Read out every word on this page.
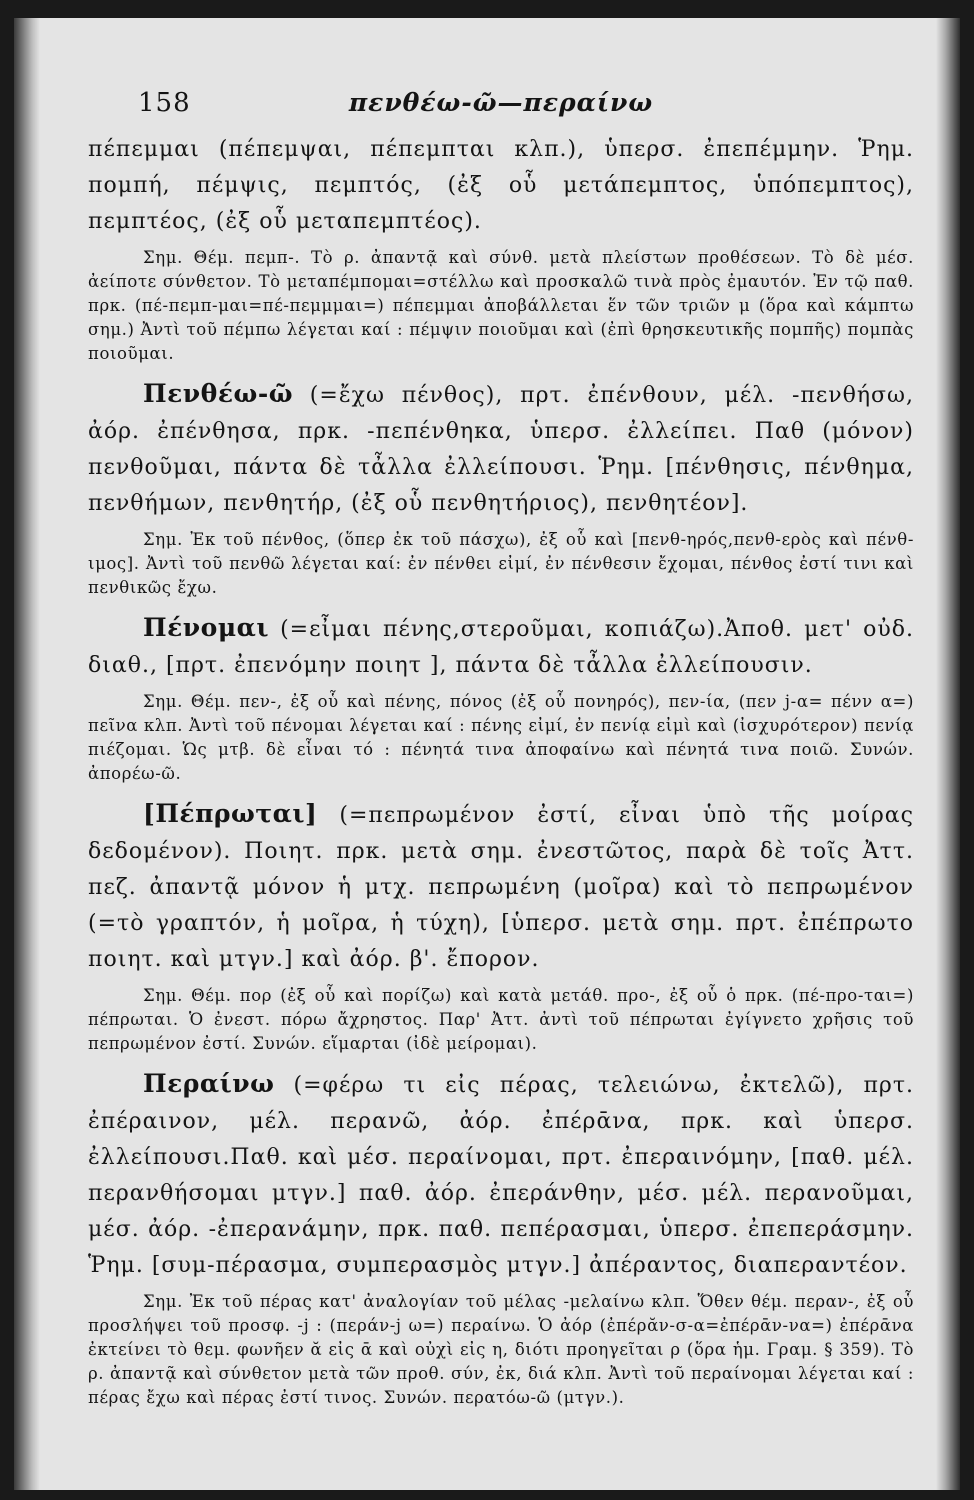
158	πενθέω-ῶ—περαίνω

πέπεμμαι (πέπεμψαι, πέπεμπται κλπ.), ὑπερσ. ἐπεπέμμην. Ῥημ. πομπή, πέμψις, πεμπτός, (ἐξ οὗ μετάπεμπτος, ὑπόπεμπτος), πεμπτέος, (ἐξ οὗ μεταπεμπτέος).

Σημ. Θέμ. πεμπ-. Τὸ ρ. ἀπαντᾷ καὶ σύνθ. μετὰ πλείστων προθέσεων. Τὸ δὲ μέσ. ἀείποτε σύνθετον. Τὸ μεταπέμπομαι=στέλλω καὶ προσκαλῶ τινὰ πρὸς ἐμαυτόν. Ἐν τῷ παθ. πρκ. (πέ-πεμπ-μαι=πέ-πεμμμαι=) πέπεμμαι ἀποβάλλεται ἕν τῶν τριῶν μ (ὅρα καὶ κάμπτω σημ.) Ἀντὶ τοῦ πέμπω λέγεται καί : πέμψιν ποιοῦμαι καὶ (ἐπὶ θρησκευτικῆς πομπῆς) πομπὰς ποιοῦμαι.

Πενθέω-ῶ (=ἔχω πένθος), πρτ. ἐπένθουν, μέλ. -πενθήσω, ἀόρ. ἐπένθησα, πρκ. -πεπένθηκα, ὑπερσ. ἐλλείπει. Παθ (μόνον) πενθοῦμαι, πάντα δὲ τἆλλα ἐλλείπουσι. Ῥημ. [πένθησις, πένθημα, πενθήμων, πενθητήρ, (ἐξ οὗ πενθητήριος), πενθητέον].

Σημ. Ἐκ τοῦ πένθος, (ὅπερ ἐκ τοῦ πάσχω), ἐξ οὗ καὶ [πενθ-ηρός,πενθ-ερὸς καὶ πένθ-ιμος]. Ἀντὶ τοῦ πενθῶ λέγεται καί: ἐν πένθει εἰμί, ἐν πένθεσιν ἔχομαι, πένθος ἐστί τινι καὶ πενθικῶς ἔχω.

Πένομαι (=εἶμαι πένης,στεροῦμαι, κοπιάζω).Ἀποθ. μετ' οὐδ. διαθ., [πρτ. ἐπενόμην ποιητ ], πάντα δὲ τἆλλα ἐλλείπουσιν.

Σημ. Θέμ. πεν-, ἐξ οὗ καὶ πένης, πόνος (ἐξ οὗ πονηρός), πεν-ία, (πεν j-α= πένν α=) πεῖνα κλπ. Ἀντὶ τοῦ πένομαι λέγεται καί : πένης εἰμί, ἐν πενίᾳ εἰμὶ καὶ (ἰσχυρότερον) πενίᾳ πιέζομαι. Ὡς μτβ. δὲ εἶναι τό : πένητά τινα ἀποφαίνω καὶ πένητά τινα ποιῶ. Συνών. ἀπορέω-ῶ.

[Πέπρωται] (=πεπρωμένον ἐστί, εἶναι ὑπὸ τῆς μοίρας δεδομένον). Ποιητ. πρκ. μετὰ σημ. ἐνεστῶτος, παρὰ δὲ τοῖς Ἀττ. πεζ. ἀπαντᾷ μόνον ἡ μτχ. πεπρωμένη (μοῖρα) καὶ τὸ πεπρωμένον (=τὸ γραπτόν, ἡ μοῖρα, ἡ τύχη), [ὑπερσ. μετὰ σημ. πρτ. ἐπέπρωτο ποιητ. καὶ μτγν.] καὶ ἀόρ. β'. ἔπορον.

Σημ. Θέμ. πορ (ἐξ οὗ καὶ πορίζω) καὶ κατὰ μετάθ. προ-, ἐξ οὗ ὁ πρκ. (πέ-προ-ται=) πέπρωται. Ὁ ἐνεστ. πόρω ἄχρηστος. Παρ' Ἀττ. ἀντὶ τοῦ πέπρωται ἐγίγνετο χρῆσις τοῦ πεπρωμένον ἐστί. Συνών. εἵμαρται (ἰδὲ μείρομαι).

Περαίνω (=φέρω τι εἰς πέρας, τελειώνω, ἐκτελῶ), πρτ. ἐπέραινον, μέλ. περανῶ, ἀόρ. ἐπέρᾱνα, πρκ. καὶ ὑπερσ. ἐλλείπουσι.Παθ. καὶ μέσ. περαίνομαι, πρτ. ἐπεραινόμην, [παθ. μέλ. περανθήσομαι μτγν.] παθ. ἀόρ. ἐπεράνθην, μέσ. μέλ. περανοῦμαι, μέσ. ἀόρ. -ἐπερανάμην, πρκ. παθ. πεπέρασμαι, ὑπερσ. ἐπεπεράσμην. Ῥημ. [συμ-πέρασμα, συμπερασμὸς μτγν.] ἀπέραντος, διαπεραντέον.

Σημ. Ἐκ τοῦ πέρας κατ' ἀναλογίαν τοῦ μέλας -μελαίνω κλπ. Ὅθεν θέμ. περαν-, ἐξ οὗ προσλήψει τοῦ προσφ. -j : (περάν-j ω=) περαίνω. Ὁ ἀόρ (ἐπέρᾰν-σ-α=ἐπέρᾱν-να=) ἐπέρᾱνα ἐκτείνει τὸ θεμ. φωνῆεν ᾰ εἰς ᾱ καὶ οὐχὶ εἰς η, διότι προηγεῖται ρ (ὅρα ἡμ. Γραμ. § 359). Τὸ ρ. ἀπαντᾷ καὶ σύνθετον μετὰ τῶν προθ. σύν, ἐκ, διά κλπ. Ἀντὶ τοῦ περαίνομαι λέγεται καί : πέρας ἔχω καὶ πέρας ἐστί τινος. Συνών. περατόω-ῶ (μτγν.).
